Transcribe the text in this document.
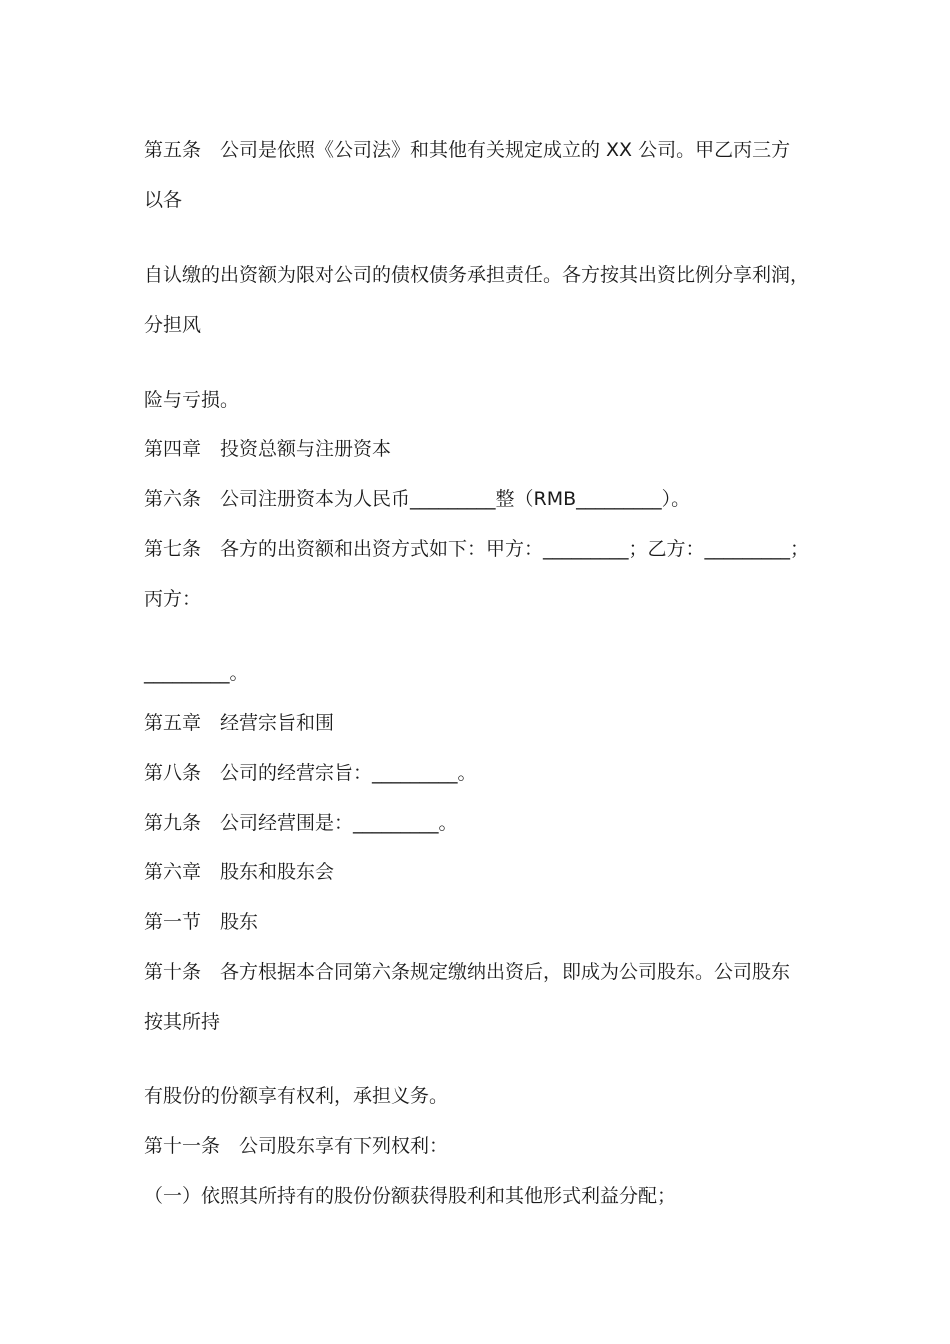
第五条　公司是依照《公司法》和其他有关规定成立的 XX 公司。甲乙丙三方
以各
自认缴的出资额为限对公司的债权债务承担责任。各方按其出资比例分享利润，
分担风
险与亏损。
第四章　投资总额与注册资本
第六条　公司注册资本为人民币_________整（RMB_________）。
第七条　各方的出资额和出资方式如下：甲方：_________；乙方：_________；
丙方：
_________。
第五章　经营宗旨和围
第八条　公司的经营宗旨：_________。
第九条　公司经营围是：_________。
第六章　股东和股东会
第一节　股东
第十条　各方根据本合同第六条规定缴纳出资后，即成为公司股东。公司股东
按其所持
有股份的份额享有权利，承担义务。
第十一条　公司股东享有下列权利：
（一）依照其所持有的股份份额获得股利和其他形式利益分配；
